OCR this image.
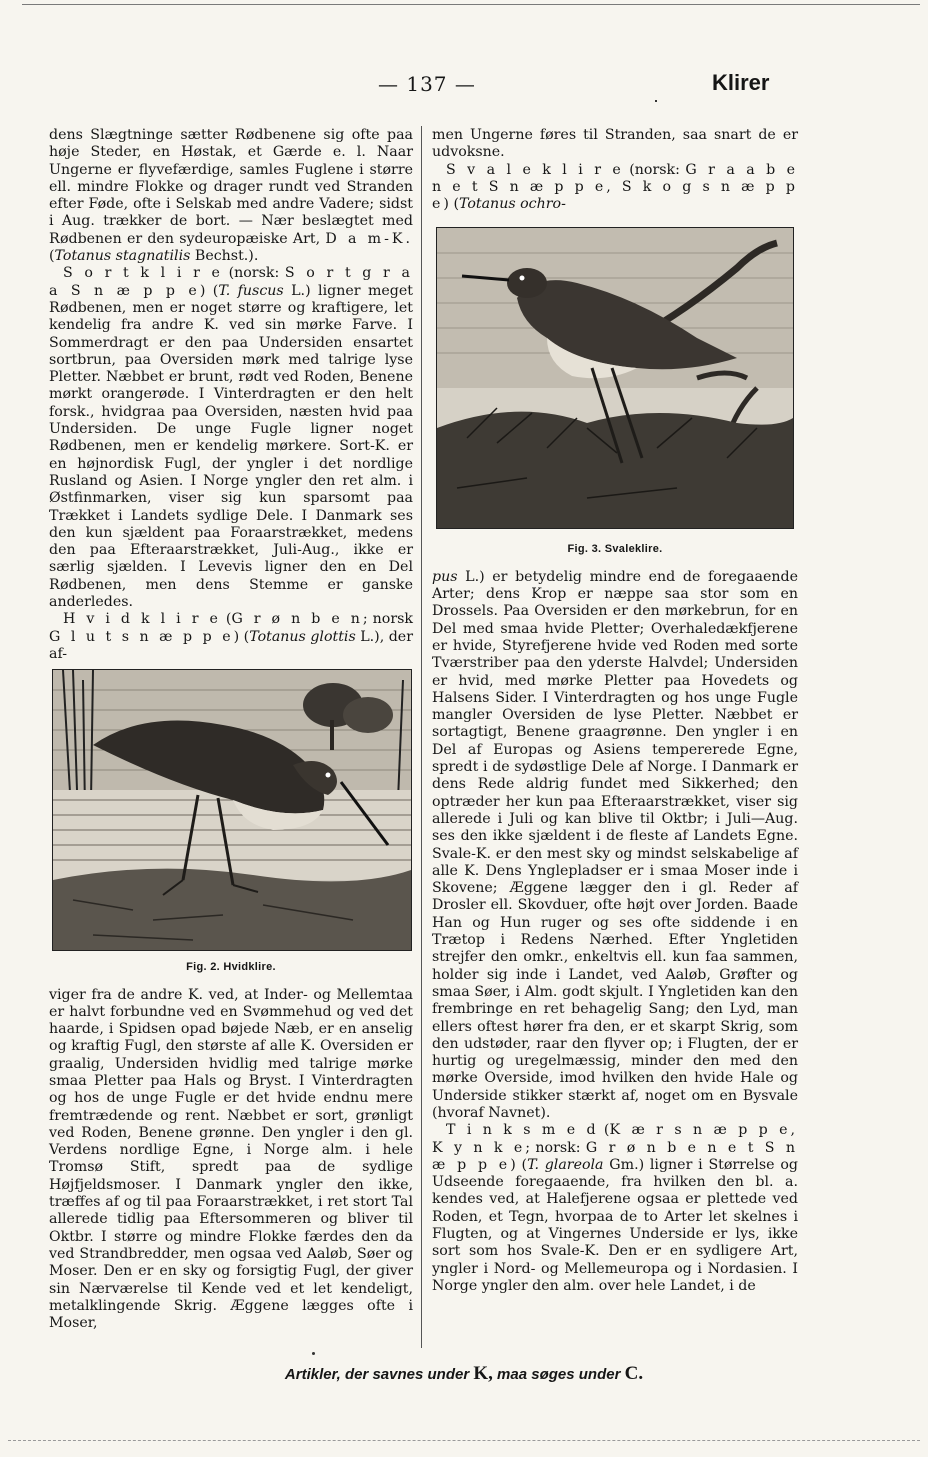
— 137 —	Klirer

dens Slægtninge sætter Rødbenene sig ofte paa høje Steder, en Høstak, et Gærde e. l. Naar Ungerne er flyvefærdige, samles Fuglene i større ell. mindre Flokke og drager rundt ved Stranden efter Føde, ofte i Selskab med andre Vadere; sidst i Aug. trækker de bort. — Nær beslægtet med Rødbenen er den sydeuropæiske Art, D a m-K. (Totanus stagnatilis Bechst.).

S o r t k l i r e (norsk: S o r t g r a a S n æ p p e) (T. fuscus L.) ligner meget Rødbenen, men er noget større og kraftigere, let kendelig fra andre K. ved sin mørke Farve. I Sommerdragt er den paa Undersiden ensartet sortbrun, paa Oversiden mørk med talrige lyse Pletter. Næbbet er brunt, rødt ved Roden, Benene mørkt orangerøde. I Vinterdragten er den helt forsk., hvidgraa paa Oversiden, næsten hvid paa Undersiden. De unge Fugle ligner noget Rødbenen, men er kendelig mørkere. Sort-K. er en højnordisk Fugl, der yngler i det nordlige Rusland og Asien. I Norge yngler den ret alm. i Østfinmarken, viser sig kun sparsomt paa Trækket i Landets sydlige Dele. I Danmark ses den kun sjældent paa Foraarstrækket, medens den paa Efteraarstrækket, Juli-Aug., ikke er særlig sjælden. I Levevis ligner den en Del Rødbenen, men dens Stemme er ganske anderledes.

H v i d k l i r e (G r ø n b e n; norsk G l u t s n æ p p e) (Totanus glottis L.), der af-

Fig. 2. Hvidklire.

viger fra de andre K. ved, at Inder- og Mellemtaa er halvt forbundne ved en Svømmehud og ved det haarde, i Spidsen opad bøjede Næb, er en anselig og kraftig Fugl, den største af alle K. Oversiden er graalig, Undersiden hvidlig med talrige mørke smaa Pletter paa Hals og Bryst. I Vinterdragten og hos de unge Fugle er det hvide endnu mere fremtrædende og rent. Næbbet er sort, grønligt ved Roden, Benene grønne. Den yngler i den gl. Verdens nordlige Egne, i Norge alm. i hele Tromsø Stift, spredt paa de sydlige Højfjeldsmoser. I Danmark yngler den ikke, træffes af og til paa Foraarstrækket, i ret stort Tal allerede tidlig paa Eftersommeren og bliver til Oktbr. I større og mindre Flokke færdes den da ved Strandbredder, men ogsaa ved Aaløb, Søer og Moser. Den er en sky og forsigtig Fugl, der giver sin Nærværelse til Kende ved et let kendeligt, metalklingende Skrig. Æggene lægges ofte i Moser,

men Ungerne føres til Stranden, saa snart de er udvoksne.

S v a l e k l i r e (norsk: G r a a b e n e t S n æ p p e, S k o g s n æ p p e) (Totanus ochro-

Fig. 3. Svaleklire.

pus L.) er betydelig mindre end de foregaaende Arter; dens Krop er næppe saa stor som en Drossels. Paa Oversiden er den mørkebrun, for en Del med smaa hvide Pletter; Overhaledækfjerene er hvide, Styrefjerene hvide ved Roden med sorte Tværstriber paa den yderste Halvdel; Undersiden er hvid, med mørke Pletter paa Hovedets og Halsens Sider. I Vinterdragten og hos unge Fugle mangler Oversiden de lyse Pletter. Næbbet er sortagtigt, Benene graagrønne. Den yngler i en Del af Europas og Asiens tempererede Egne, spredt i de sydøstlige Dele af Norge. I Danmark er dens Rede aldrig fundet med Sikkerhed; den optræder her kun paa Efteraarstrækket, viser sig allerede i Juli og kan blive til Oktbr; i Juli—Aug. ses den ikke sjældent i de fleste af Landets Egne. Svale-K. er den mest sky og mindst selskabelige af alle K. Dens Ynglepladser er i smaa Moser inde i Skovene; Æggene lægger den i gl. Reder af Drosler ell. Skovduer, ofte højt over Jorden. Baade Han og Hun ruger og ses ofte siddende i en Trætop i Redens Nærhed. Efter Yngletiden strejfer den omkr., enkeltvis ell. kun faa sammen, holder sig inde i Landet, ved Aaløb, Grøfter og smaa Søer, i Alm. godt skjult. I Yngletiden kan den frembringe en ret behagelig Sang; den Lyd, man ellers oftest hører fra den, er et skarpt Skrig, som den udstøder, raar den flyver op; i Flugten, der er hurtig og uregelmæssig, minder den med den mørke Overside, imod hvilken den hvide Hale og Underside stikker stærkt af, noget om en Bysvale (hvoraf Navnet).

T i n k s m e d (K æ r s n æ p p e, K y n k e; norsk: G r ø n b e n e t S n æ p p e) (T. glareola Gm.) ligner i Størrelse og Udseende foregaaende, fra hvilken den bl. a. kendes ved, at Halefjerene ogsaa er plettede ved Roden, et Tegn, hvorpaa de to Arter let skelnes i Flugten, og at Vingernes Underside er lys, ikke sort som hos Svale-K. Den er en sydligere Art, yngler i Nord- og Mellemeuropa og i Nordasien. I Norge yngler den alm. over hele Landet, i de

Artikler, der savnes under K, maa søges under C.
